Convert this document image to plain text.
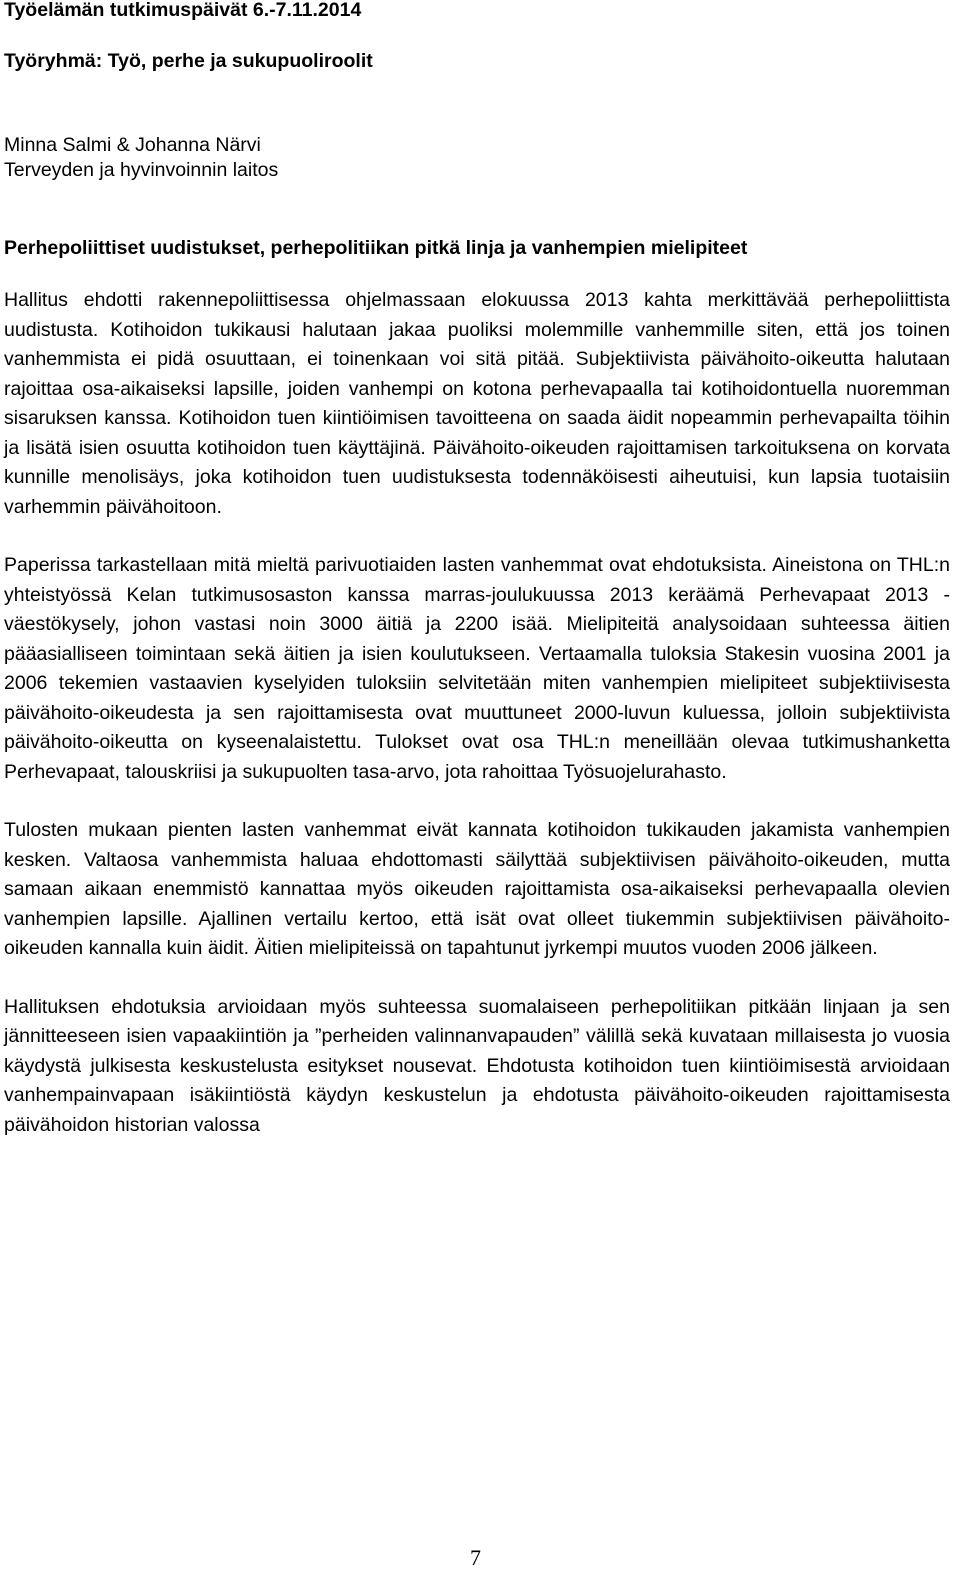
Työelämän tutkimuspäivät 6.-7.11.2014
Työryhmä: Työ, perhe ja sukupuoliroolit
Minna Salmi & Johanna Närvi
Terveyden ja hyvinvoinnin laitos
Perhepoliittiset uudistukset, perhepolitiikan pitkä linja ja vanhempien mielipiteet

Hallitus ehdotti rakennepoliittisessa ohjelmassaan elokuussa 2013 kahta merkittävää perhepoliittista uudistusta. Kotihoidon tukikausi halutaan jakaa puoliksi molemmille vanhemmille siten, että jos toinen vanhemmista ei pidä osuuttaan, ei toinenkaan voi sitä pitää. Subjektiivista päivähoito-oikeutta halutaan rajoittaa osa-aikaiseksi lapsille, joiden vanhempi on kotona perhevapaalla tai kotihoidontuella nuoremman sisaruksen kanssa. Kotihoidon tuen kiintiöimisen tavoitteena on saada äidit nopeammin perhevapailta töihin ja lisätä isien osuutta kotihoidon tuen käyttäjinä. Päivähoito-oikeuden rajoittamisen tarkoituksena on korvata kunnille menolisäys, joka kotihoidon tuen uudistuksesta todennäköisesti aiheutuisi, kun lapsia tuotaisiin varhemmin päivähoitoon.

Paperissa tarkastellaan mitä mieltä parivuotiaiden lasten vanhemmat ovat ehdotuksista. Aineistona on THL:n yhteistyössä Kelan tutkimusosaston kanssa marras-joulukuussa 2013 keräämä Perhevapaat 2013 -väestökysely, johon vastasi noin 3000 äitiä ja 2200 isää. Mielipiteitä analysoidaan suhteessa äitien pääasialliseen toimintaan sekä äitien ja isien koulutukseen. Vertaamalla tuloksia Stakesin vuosina 2001 ja 2006 tekemien vastaavien kyselyiden tuloksiin selvitetään miten vanhempien mielipiteet subjektiivisesta päivähoito-oikeudesta ja sen rajoittamisesta ovat muuttuneet 2000-luvun kuluessa, jolloin subjektiivista päivähoito-oikeutta on kyseenalaistettu. Tulokset ovat osa THL:n meneillään olevaa tutkimushanketta Perhevapaat, talouskriisi ja sukupuolten tasa-arvo, jota rahoittaa Työsuojelurahasto.

Tulosten mukaan pienten lasten vanhemmat eivät kannata kotihoidon tukikauden jakamista vanhempien kesken. Valtaosa vanhemmista haluaa ehdottomasti säilyttää subjektiivisen päivähoito-oikeuden, mutta samaan aikaan enemmistö kannattaa myös oikeuden rajoittamista osa-aikaiseksi perhevapaalla olevien vanhempien lapsille. Ajallinen vertailu kertoo, että isät ovat olleet tiukemmin subjektiivisen päivähoito-oikeuden kannalla kuin äidit. Äitien mielipiteissä on tapahtunut jyrkempi muutos vuoden 2006 jälkeen.

Hallituksen ehdotuksia arvioidaan myös suhteessa suomalaiseen perhepolitiikan pitkään linjaan ja sen jännitteeseen isien vapaakiintiön ja ”perheiden valinnanvapauden” välillä sekä kuvataan millaisesta jo vuosia käydystä julkisesta keskustelusta esitykset nousevat. Ehdotusta kotihoidon tuen kiintiöimisestä arvioidaan vanhempainvapaan isäkiintiöstä käydyn keskustelun ja ehdotusta päivähoito-oikeuden rajoittamisesta päivähoidon historian valossa

7
